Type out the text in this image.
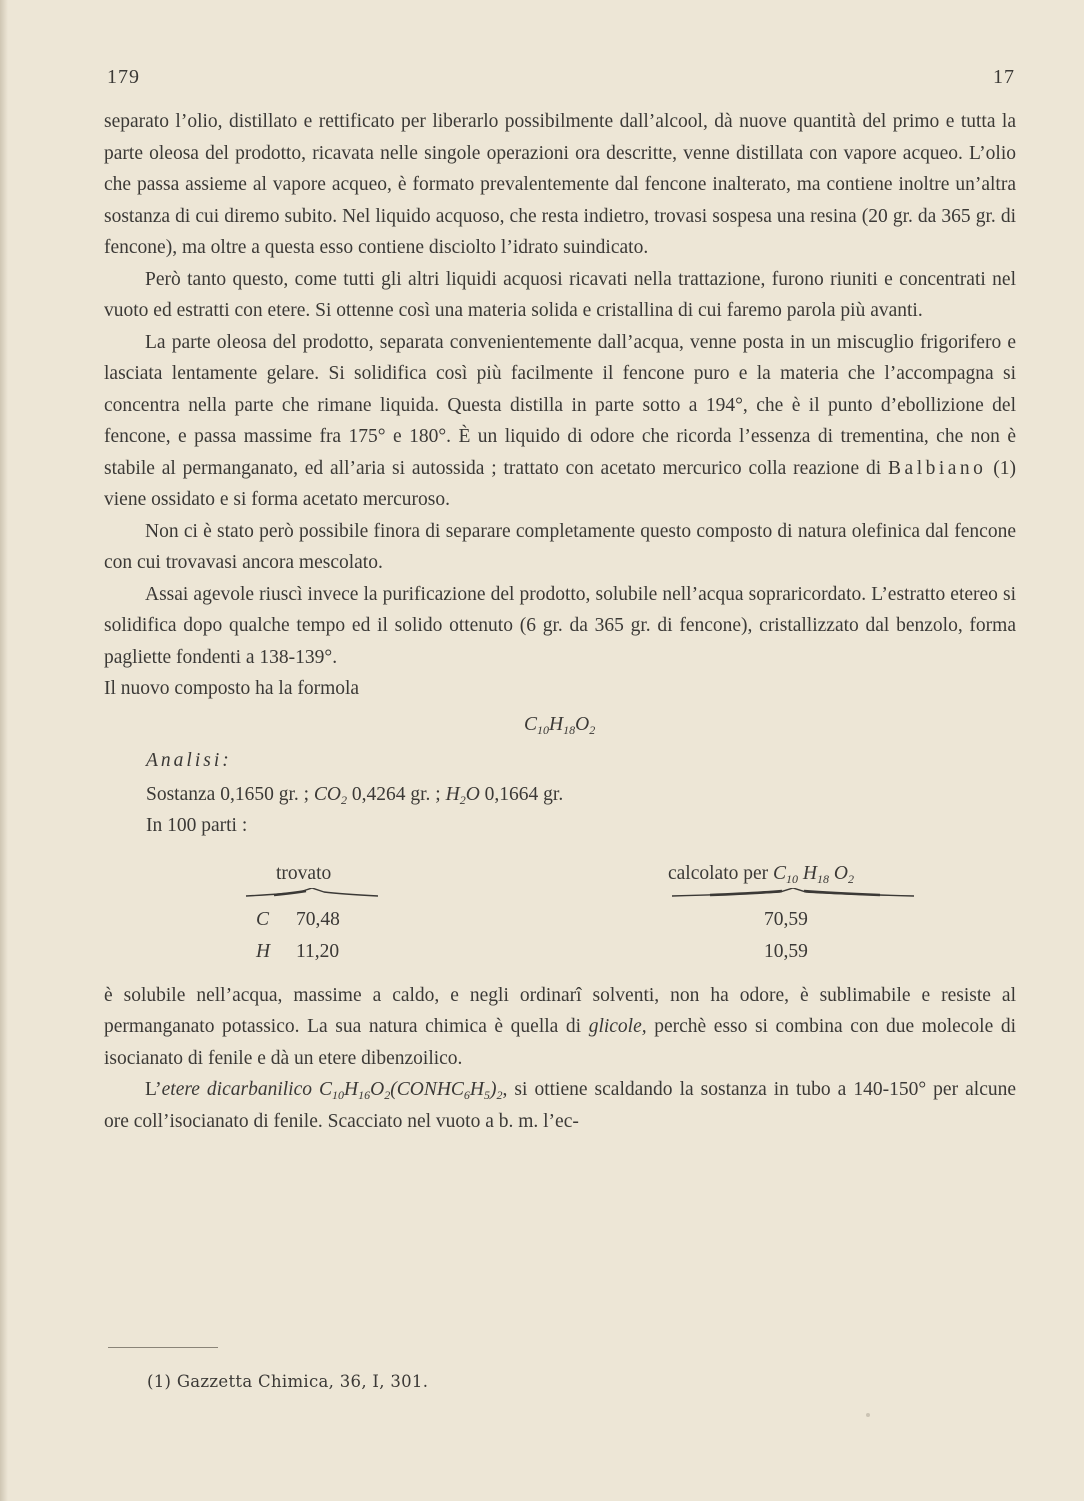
179	17

separato l’olio, distillato e rettificato per liberarlo possibilmente dall’alcool, dà nuove quantità del primo e tutta la parte oleosa del prodotto, ricavata nelle singole operazioni ora descritte, venne distillata con vapore acqueo. L’olio che passa assieme al vapore acqueo, è formato prevalentemente dal fencone inalterato, ma contiene inoltre un’altra sostanza di cui diremo subito. Nel liquido acquoso, che resta indietro, trovasi sospesa una resina (20 gr. da 365 gr. di fencone), ma oltre a questa esso contiene disciolto l’idrato suindicato.

Però tanto questo, come tutti gli altri liquidi acquosi ricavati nella trattazione, furono riuniti e concentrati nel vuoto ed estratti con etere. Si ottenne così una materia solida e cristallina di cui faremo parola più avanti.

La parte oleosa del prodotto, separata convenientemente dall’acqua, venne posta in un miscuglio frigorifero e lasciata lentamente gelare. Si solidifica così più facilmente il fencone puro e la materia che l’accompagna si concentra nella parte che rimane liquida. Questa distilla in parte sotto a 194°, che è il punto d’ebollizione del fencone, e passa massime fra 175° e 180°. È un liquido di odore che ricorda l’essenza di trementina, che non è stabile al permanganato, ed all’aria si autossida ; trattato con acetato mercurico colla reazione di Balbiano (1) viene ossidato e si forma acetato mercuroso.

Non ci è stato però possibile finora di separare completamente questo composto di natura olefinica dal fencone con cui trovavasi ancora mescolato.

Assai agevole riuscì invece la purificazione del prodotto, solubile nell’acqua sopraricordato. L’estratto etereo si solidifica dopo qualche tempo ed il solido ottenuto (6 gr. da 365 gr. di fencone), cristallizzato dal benzolo, forma pagliette fondenti a 138-139°.

Il nuovo composto ha la formola

$C_{10}H_{18}O_2$
Analisi:
Sostanza 0,1650 gr. ; $CO_2$ 0,4264 gr. ; $H_2O$ 0,1664 gr.
In 100 parti :
trovato	calcolato per $C_{10}$ $H_{18}$ $O_2$
C 70,48
H 11,20
70,59
10,59

è solubile nell’acqua, massime a caldo, e negli ordinarî solventi, non ha odore, è sublimabile e resiste al permanganato potassico. La sua natura chimica è quella di glicole, perchè esso si combina con due molecole di isocianato di fenile e dà un etere dibenzoilico.

L’etere dicarbanilico $C_{10}H_{16}O_2(CONHC_6H_5)_2$, si ottiene scaldando la sostanza in tubo a 140-150° per alcune ore coll’isocianato di fenile. Scacciato nel vuoto a b. m. l’ec-

(1) Gazzetta Chimica, 36, I, 301.
